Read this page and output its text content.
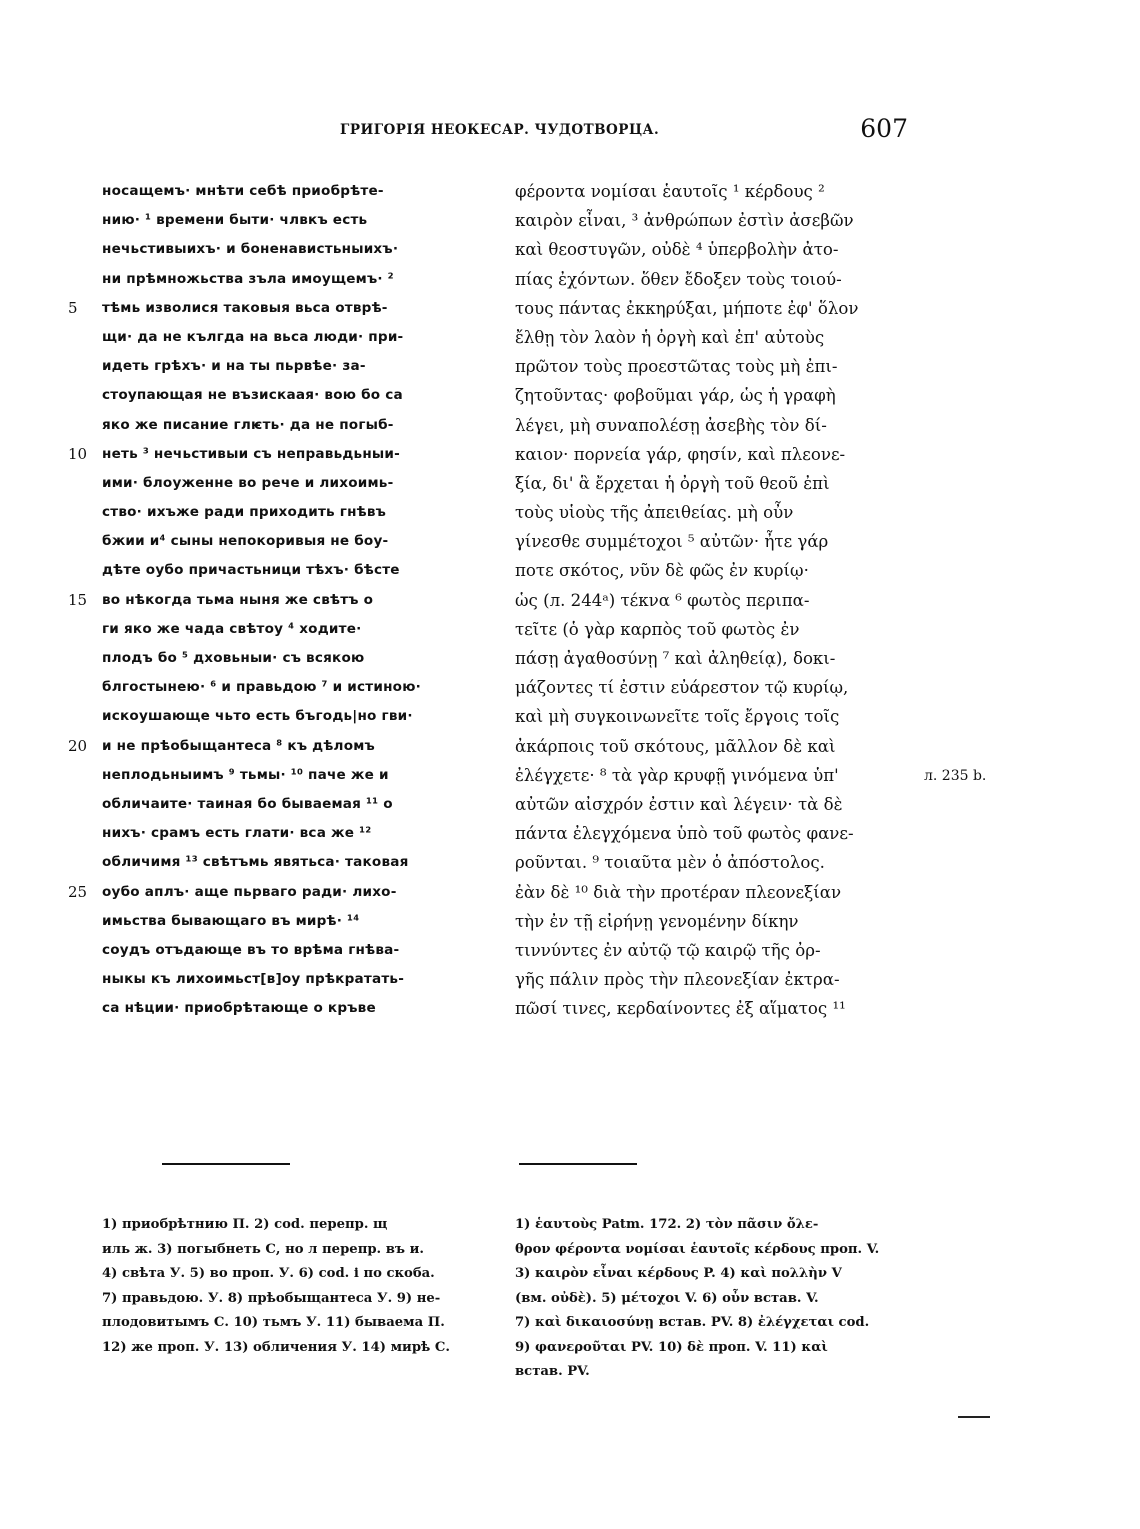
ГРИГОРІЯ НЕОКЕСАР. ЧУДОТВОРЦА.	607
5
10
15
20
25
носащемъ· мнѣти себѣ приобрѣте-
нию· ¹ времени быти· члвкъ есть
нечьстивыихъ· и боненавистьныихъ·
ни прѣмножьства зъла имоущемъ· ²
тѣмь изволися таковыя вьса отврѣ-
щи· да не кългда на вьса люди· при-
идеть грѣхъ· и на ты пьрвѣе· за-
стоупающая не възискаая· вою бо са
яко же писание глѥть· да не погыб-
неть ³ нечьстивыи съ неправьдьныи-
ими· блоуженне во рече и лихоимь-
ство· ихъже ради приходить гнѣвъ
бжии и⁴ сыны непокоривыя не боу-
дѣте оубо причастьници тѣхъ· бѣсте
во нѣкогда тьма ныня же свѣтъ о
ги яко же чада свѣтоу ⁴ ходите·
плодъ бо ⁵ дховьныи· съ всякою
блгостынею· ⁶ и правьдою ⁷ и истиною·
искоушающе чьто есть бъгодь|но гви·
и не прѣобыщантеса ⁸ къ дѣломъ
неплодьныимъ ⁹ тьмы· ¹⁰ паче же и
обличаите· таиная бо бываемая ¹¹ о
нихъ· срамъ есть глати· вса же ¹²
обличимя ¹³ свѣтъмь явятьса· таковая
оубо аплъ· аще пьрваго ради· лихо-
имьства бывающаго въ мирѣ· ¹⁴
соудъ отъдающе въ то врѣма гнѣва-
ныкы къ лихоимьст[в]оу прѣкратать-
са нѣции· приобрѣтающе о кръве
φέροντα νομίσαι ἑαυτοῖς ¹ κέρδους ²
καιρὸν εἶναι, ³ ἀνθρώπων ἐστὶν ἀσεβῶν
καὶ θεοστυγῶν, οὐδὲ ⁴ ὑπερβολὴν ἀτο-
πίας ἐχόντων. ὅθεν ἔδοξεν τοὺς τοιού-
τους πάντας ἐκκηρύξαι, μήποτε ἐφ' ὅλον
ἔλθῃ τὸν λαὸν ἡ ὀργὴ καὶ ἐπ' αὐτοὺς
πρῶτον τοὺς προεστῶτας τοὺς μὴ ἐπι-
ζητοῦντας· φοβοῦμαι γάρ, ὡς ἡ γραφὴ
λέγει, μὴ συναπολέσῃ ἀσεβὴς τὸν δί-
καιον· πορνεία γάρ, φησίν, καὶ πλεονε-
ξία, δι' ἃ ἔρχεται ἡ ὀργὴ τοῦ θεοῦ ἐπὶ
τοὺς υἱοὺς τῆς ἀπειθείας. μὴ οὖν
γίνεσθε συμμέτοχοι ⁵ αὐτῶν· ἦτε γάρ
ποτε σκότος, νῦν δὲ φῶς ἐν κυρίῳ·
ὡς (л. 244ᵃ) τέκνα ⁶ φωτὸς περιπα-
τεῖτε (ὁ γὰρ καρπὸς τοῦ φωτὸς ἐν
πάσῃ ἀγαθοσύνῃ ⁷ καὶ ἀληθείᾳ), δοκι-
μάζοντες τί ἐστιν εὐάρεστον τῷ κυρίῳ,
καὶ μὴ συγκοινωνεῖτε τοῖς ἔργοις τοῖς
ἀκάρποις τοῦ σκότους, μᾶλλον δὲ καὶ
ἐλέγχετε· ⁸ τὰ γὰρ κρυφῇ γινόμενα ὑπ'
αὐτῶν αἰσχρόν ἐστιν καὶ λέγειν· τὰ δὲ
πάντα ἐλεγχόμενα ὑπὸ τοῦ φωτὸς φανε-
ροῦνται. ⁹ τοιαῦτα μὲν ὁ ἀπόστολος.
ἐὰν δὲ ¹⁰ διὰ τὴν προτέραν πλεονεξίαν
τὴν ἐν τῇ εἰρήνῃ γενομένην δίκην
τιννύντες ἐν αὐτῷ τῷ καιρῷ τῆς ὀρ-
γῆς πάλιν πρὸς τὴν πλεονεξίαν ἐκτρα-
πῶσί τινες, κερδαίνοντες ἐξ αἵματος ¹¹
л. 235 b.
1) приобрѣтнию П. 2) cod. перепр. щ
иль ж. 3) погыбнеть С, но л перепр. въ и.
4) свѣта У. 5) во проп. У. 6) cod. і по скоба.
7) правьдою. У. 8) прѣобыщантеса У. 9) не-
плодовитымъ С. 10) тьмъ У. 11) бываема П.
12) же проп. У. 13) обличения У. 14) мирѣ С.
1) ἑαυτοὺς Patm. 172. 2) τὸν πᾶσιν ὄλε-
θρον φέροντα νομίσαι ἑαυτοῖς κέρδους проп. V.
3) καιρὸν εἶναι κέρδους P. 4) καὶ πολλὴν V
(вм. οὐδὲ). 5) μέτοχοι V. 6) οὖν встав. V.
7) καὶ δικαιοσύνῃ встав. PV. 8) ἐλέγχεται cod.
9) φανεροῦται PV. 10) δὲ проп. V. 11) καὶ
встав. PV.
